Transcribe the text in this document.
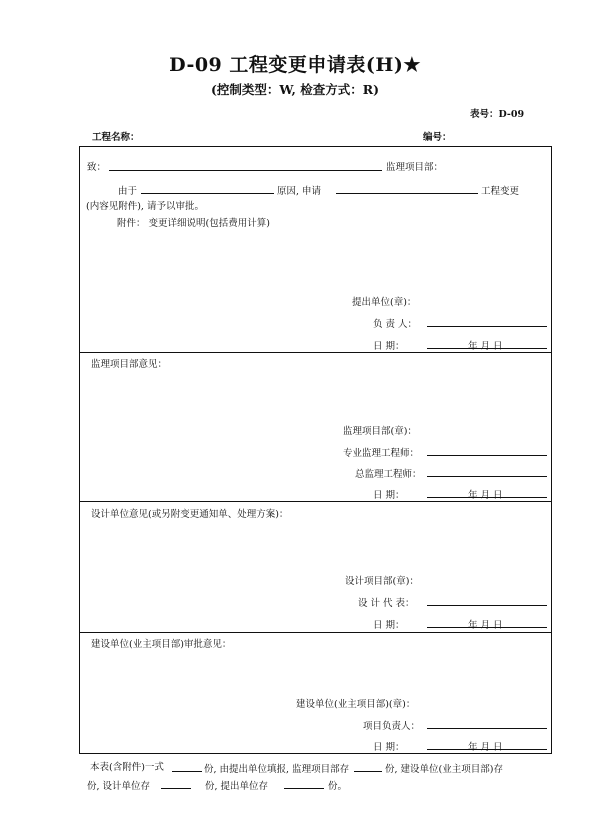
D-09 工程变更申请表(H)★
(控制类型：W, 检查方式：R)
表号：D-09
工程名称：	编号：
致：	监理项目部：
由于	原因, 申请	工程变更
(内容见附件), 请予以审批。
附件： 变更详细说明(包括费用计算)
提出单位(章)：
负 责 人：
日 期：	年 月 日
监理项目部意见：
监理项目部(章)：
专业监理工程师：
总监理工程师：
日 期：	年 月 日
设计单位意见(或另附变更通知单、处理方案)：
设计项目部(章)：
设 计 代 表：
日 期：	年 月 日
建设单位(业主项目部)审批意见：
建设单位(业主项目部)(章)：
项目负责人：
日 期：	年 月 日
本表(含附件)一式	份, 由提出单位填报, 监理项目部存	份, 建设单位(业主项目部)存
份, 设计单位存	份, 提出单位存	份。
